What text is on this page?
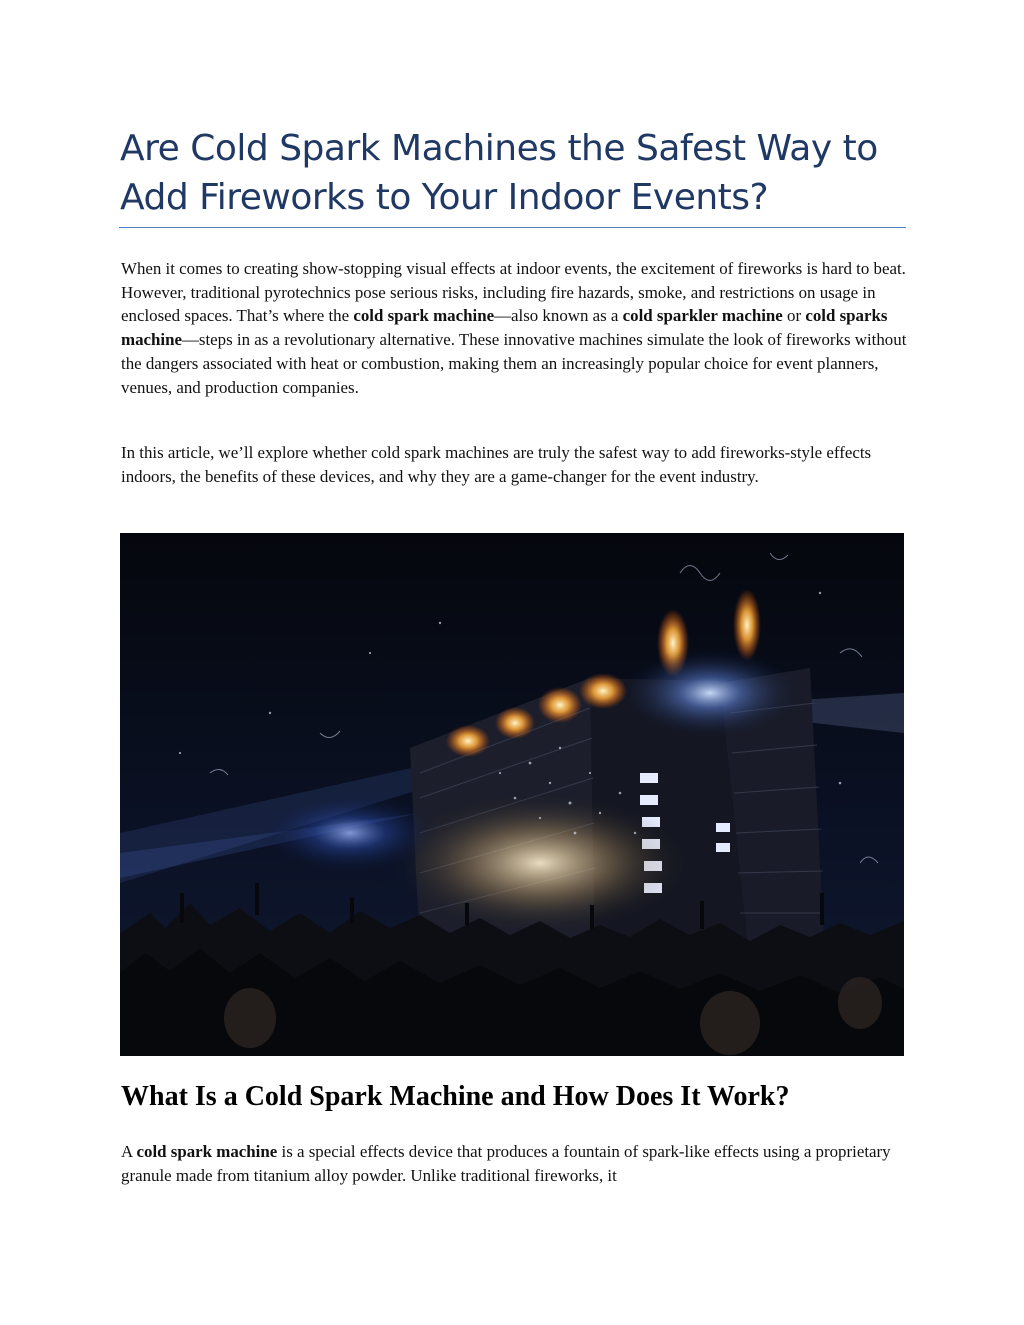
Are Cold Spark Machines the Safest Way to Add Fireworks to Your Indoor Events?

When it comes to creating show-stopping visual effects at indoor events, the excitement of fireworks is hard to beat. However, traditional pyrotechnics pose serious risks, including fire hazards, smoke, and restrictions on usage in enclosed spaces. That’s where the cold spark machine—also known as a cold sparkler machine or cold sparks machine—steps in as a revolutionary alternative. These innovative machines simulate the look of fireworks without the dangers associated with heat or combustion, making them an increasingly popular choice for event planners, venues, and production companies.

In this article, we’ll explore whether cold spark machines are truly the safest way to add fireworks-style effects indoors, the benefits of these devices, and why they are a game-changer for the event industry.

What Is a Cold Spark Machine and How Does It Work?

A cold spark machine is a special effects device that produces a fountain of spark-like effects using a proprietary granule made from titanium alloy powder. Unlike traditional fireworks, it
